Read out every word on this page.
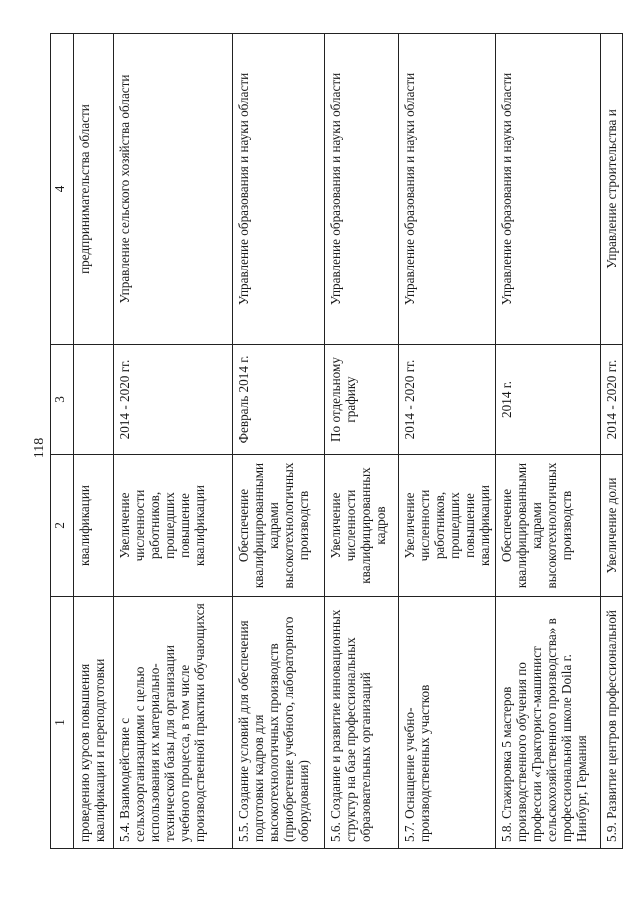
118
1	2	3	4
проведению курсов повышения квалификации и переподготовки	квалификации		предпринимательства области
5.4. Взаимодействие с сельхозорганизациями с целью использования их материально-технической базы для организации учебного процесса, в том числе производственной практики обучающихся	Увеличение численности работников, прошедших повышение квалификации	2014 - 2020 гг.	Управление сельского хозяйства области
5.5. Создание условий для обеспечения подготовки кадров для высокотехнологичных производств (приобретение учебного, лабораторного оборудования)	Обеспечение квалифицированными кадрами высокотехнологичных производств	Февраль 2014 г.	Управление образования и науки области
5.6. Создание и развитие инновационных структур на базе профессиональных образовательных организаций	Увеличение численности квалифицированных кадров	По отдельному графику	Управление образования и науки области
5.7. Оснащение учебно-производственных участков	Увеличение численности работников, прошедших повышение квалификации	2014 - 2020 гг.	Управление образования и науки области
5.8. Стажировка 5 мастеров производственного обучения по профессии «Тракторист-машинист сельскохозяйственного производства» в профессиональной школе Doila г. Нинбург, Германия	Обеспечение квалифицированными кадрами высокотехнологичных производств	2014 г.	Управление образования и науки области
5.9. Развитие центров профессиональной	Увеличение доли	2014 - 2020 гг.	Управление строительства и
